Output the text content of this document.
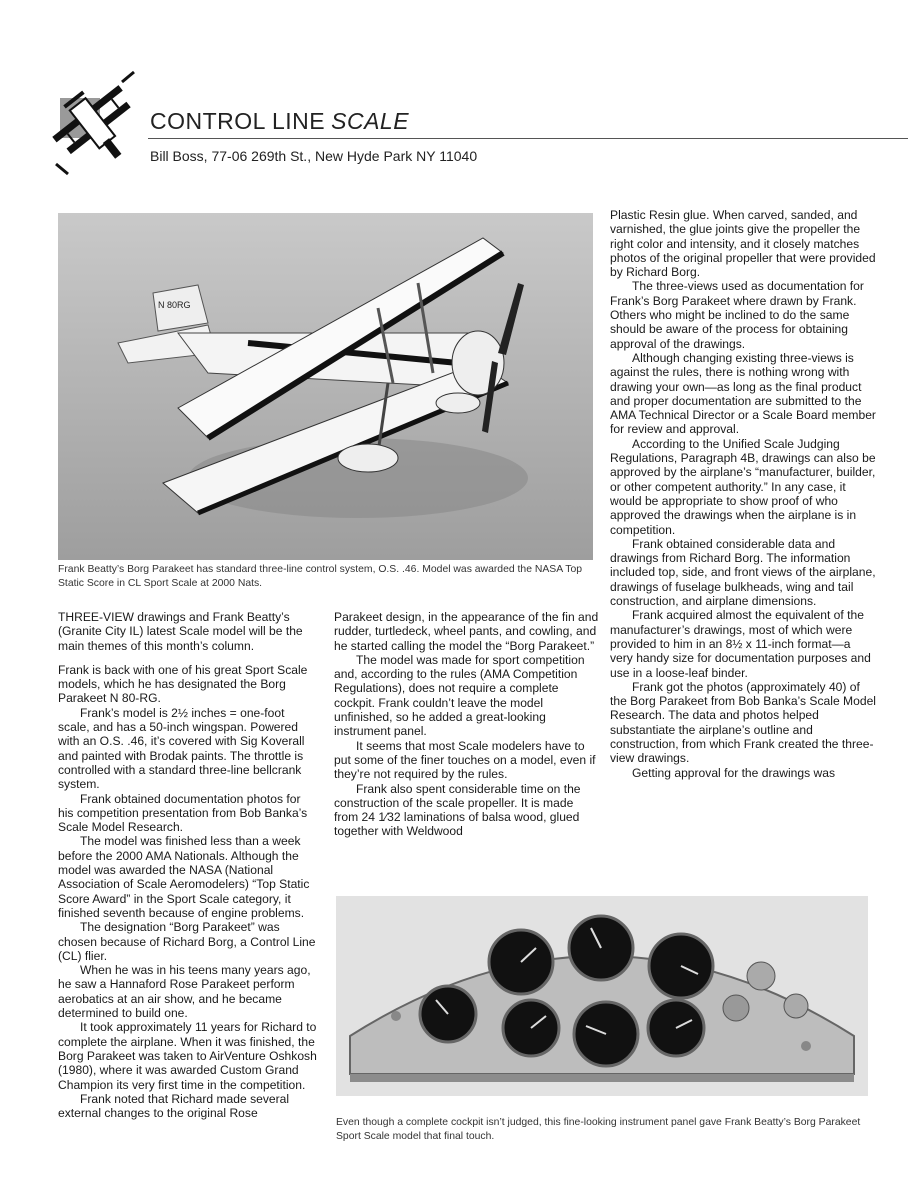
CONTROL LINE SCALE
Bill Boss, 77-06 269th St., New Hyde Park NY 11040
N 80RG
Frank Beatty’s Borg Parakeet has standard three-line control system, O.S. .46. Model was awarded the NASA Top Static Score in CL Sport Scale at 2000 Nats.

THREE-VIEW drawings and Frank Beatty’s (Granite City IL) latest Scale model will be the main themes of this month’s column.

Frank is back with one of his great Sport Scale models, which he has designated the Borg Parakeet N 80-RG.

Frank’s model is 2½ inches = one-foot scale, and has a 50-inch wingspan. Powered with an O.S. .46, it’s covered with Sig Koverall and painted with Brodak paints. The throttle is controlled with a standard three-line bellcrank system.

Frank obtained documentation photos for his competition presentation from Bob Banka’s Scale Model Research.

The model was finished less than a week before the 2000 AMA Nationals. Although the model was awarded the NASA (National Association of Scale Aeromodelers) “Top Static Score Award” in the Sport Scale category, it finished seventh because of engine problems.

The designation “Borg Parakeet” was chosen because of Richard Borg, a Control Line (CL) flier.

When he was in his teens many years ago, he saw a Hannaford Rose Parakeet perform aerobatics at an air show, and he became determined to build one.

It took approximately 11 years for Richard to complete the airplane. When it was finished, the Borg Parakeet was taken to AirVenture Oshkosh (1980), where it was awarded Custom Grand Champion its very first time in the competition.

Frank noted that Richard made several external changes to the original Rose

Parakeet design, in the appearance of the fin and rudder, turtledeck, wheel pants, and cowling, and he started calling the model the “Borg Parakeet.”

The model was made for sport competition and, according to the rules (AMA Competition Regulations), does not require a complete cockpit. Frank couldn’t leave the model unfinished, so he added a great-looking instrument panel.

It seems that most Scale modelers have to put some of the finer touches on a model, even if they’re not required by the rules.

Frank also spent considerable time on the construction of the scale propeller. It is made from 24 1⁄32 laminations of balsa wood, glued together with Weldwood

Plastic Resin glue. When carved, sanded, and varnished, the glue joints give the propeller the right color and intensity, and it closely matches photos of the original propeller that were provided by Richard Borg.

The three-views used as documentation for Frank’s Borg Parakeet where drawn by Frank. Others who might be inclined to do the same should be aware of the process for obtaining approval of the drawings.

Although changing existing three-views is against the rules, there is nothing wrong with drawing your own—as long as the final product and proper documentation are submitted to the AMA Technical Director or a Scale Board member for review and approval.

According to the Unified Scale Judging Regulations, Paragraph 4B, drawings can also be approved by the airplane’s “manufacturer, builder, or other competent authority.” In any case, it would be appropriate to show proof of who approved the drawings when the airplane is in competition.

Frank obtained considerable data and drawings from Richard Borg. The information included top, side, and front views of the airplane, drawings of fuselage bulkheads, wing and tail construction, and airplane dimensions.

Frank acquired almost the equivalent of the manufacturer’s drawings, most of which were provided to him in an 8½ x 11-inch format—a very handy size for documentation purposes and use in a loose-leaf binder.

Frank got the photos (approximately 40) of the Borg Parakeet from Bob Banka’s Scale Model Research. The data and photos helped substantiate the airplane’s outline and construction, from which Frank created the three-view drawings.

Getting approval for the drawings was

Even though a complete cockpit isn’t judged, this fine-looking instrument panel gave Frank Beatty’s Borg Parakeet Sport Scale model that final touch.
